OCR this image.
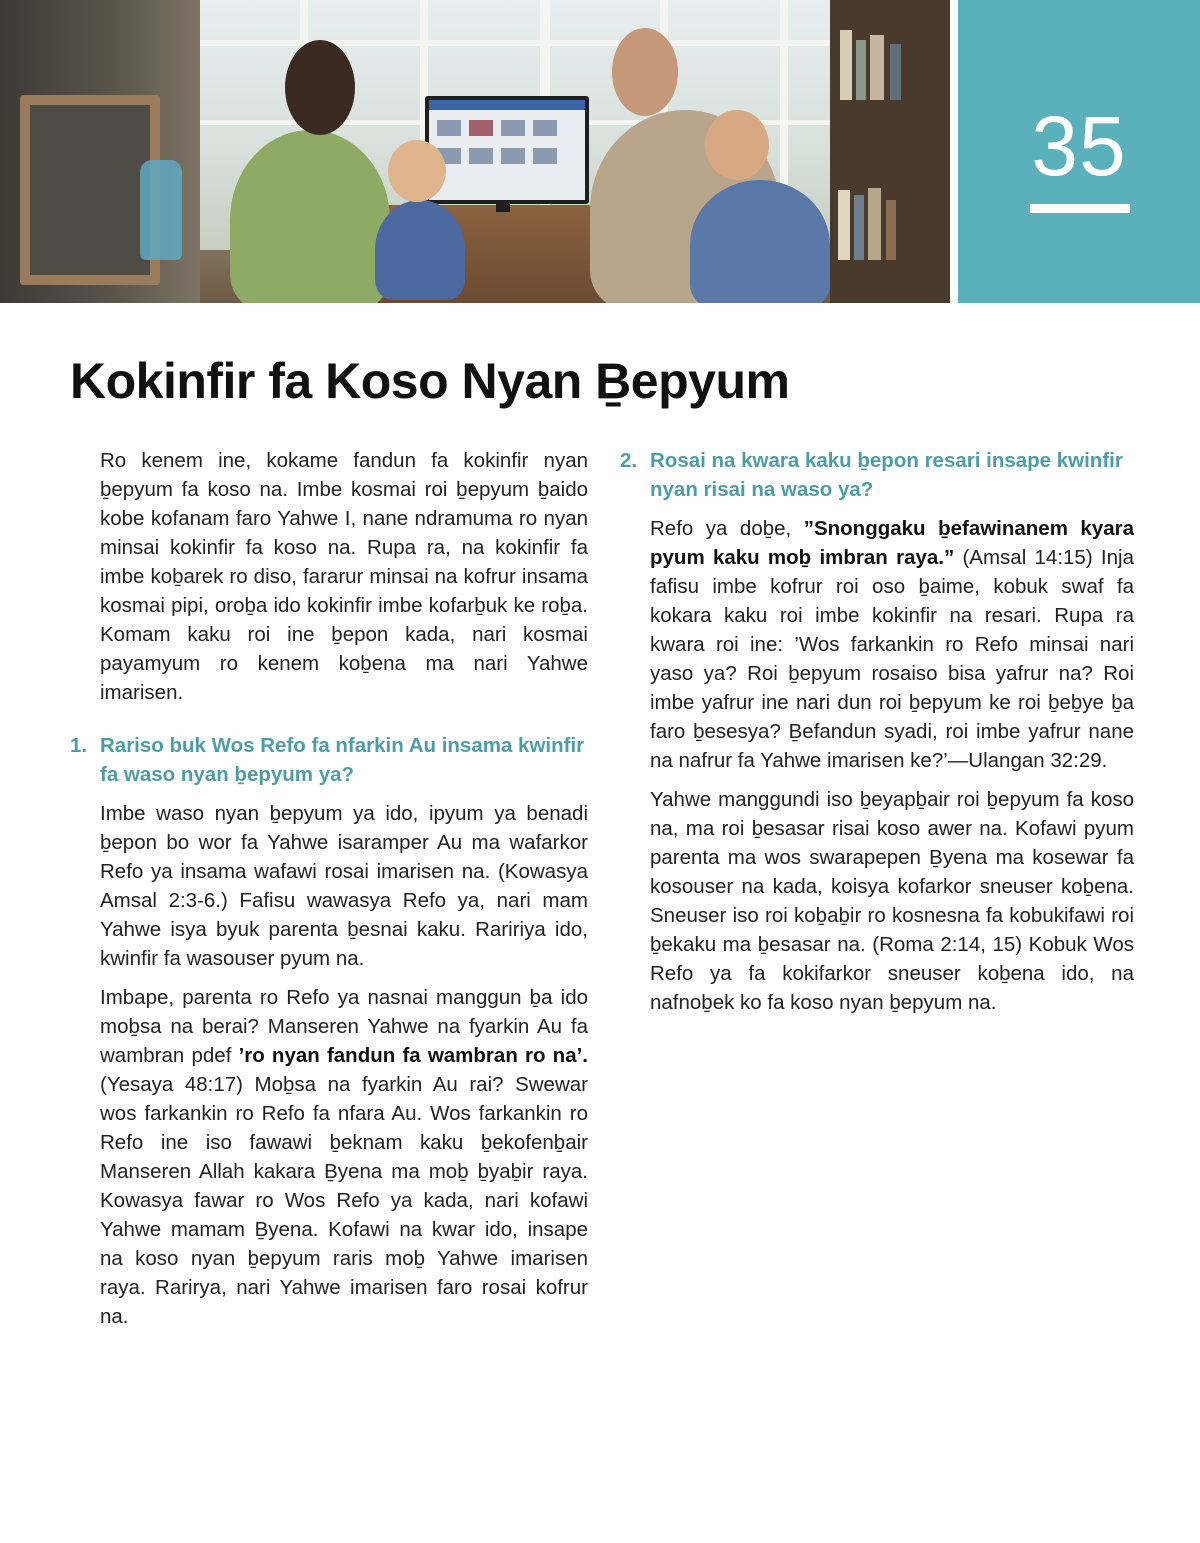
35
Kokinfir fa Koso Nyan Ḇepyum

Ro kenem ine, kokame fandun fa kokinfir nyan ḇepyum fa koso na. Imbe kosmai roi ḇepyum ḇaido kobe kofanam faro Yahwe I, nane ndramuma ro nyan minsai kokinfir fa koso na. Rupa ra, na kokinfir fa imbe koḇarek ro diso, fararur minsai na kofrur insama kosmai pipi, oroḇa ido kokinfir imbe kofarḇuk ke roḇa. Komam kaku roi ine ḇepon kada, nari kosmai payamyum ro kenem koḇena ma nari Yahwe imarisen.

1. Rariso buk Wos Refo fa nfarkin Au insama kwinfir fa waso nyan ḇepyum ya?

Imbe waso nyan ḇepyum ya ido, ipyum ya benadi ḇepon bo wor fa Yahwe isaramper Au ma wafarkor Refo ya insama wafawi rosai imarisen na. (Kowasya Amsal 2:3-6.) Fafisu wawasya Refo ya, nari mam Yahwe isya byuk parenta ḇesnai kaku. Raririya ido, kwinfir fa wasouser pyum na.

Imbape, parenta ro Refo ya nasnai manggun ḇa ido moḇsa na berai? Manseren Yahwe na fyarkin Au fa wambran pdef ’ro nyan fandun fa wambran ro na’. (Yesaya 48:17) Moḇsa na fyarkin Au rai? Swewar wos farkankin ro Refo fa nfara Au. Wos farkankin ro Refo ine iso fawawi ḇeknam kaku ḇekofenḇair Manseren Allah kakara Ḇyena ma moḇ ḇyaḇir raya. Kowasya fawar ro Wos Refo ya kada, nari kofawi Yahwe mamam Ḇyena. Kofawi na kwar ido, insape na koso nyan ḇepyum raris moḇ Yahwe imarisen raya. Rarirya, nari Yahwe imarisen faro rosai kofrur na.

2. Rosai na kwara kaku ḇepon resari insape kwinfir nyan risai na waso ya?

Refo ya doḇe, ”Snonggaku ḇefawinanem kyara pyum kaku moḇ imbran raya.” (Amsal 14:15) Inja fafisu imbe kofrur roi oso ḇaime, kobuk swaf fa kokara kaku roi imbe kokinfir na resari. Rupa ra kwara roi ine: ’Wos farkankin ro Refo minsai nari yaso ya? Roi ḇepyum rosaiso bisa yafrur na? Roi imbe yafrur ine nari dun roi ḇepyum ke roi ḇeḇye ḇa faro ḇesesya? Ḇefandun syadi, roi imbe yafrur nane na nafrur fa Yahwe imarisen ke?’—Ulangan 32:29.

Yahwe manggundi iso ḇeyapḇair roi ḇepyum fa koso na, ma roi ḇesasar risai koso awer na. Kofawi pyum parenta ma wos swarapepen Ḇyena ma kosewar fa kosouser na kada, koisya kofarkor sneuser koḇena. Sneuser iso roi koḇaḇir ro kosnesna fa kobukifawi roi ḇekaku ma ḇesasar na. (Roma 2:14, 15) Kobuk Wos Refo ya fa kokifarkor sneuser koḇena ido, na nafnoḇek ko fa koso nyan ḇepyum na.
